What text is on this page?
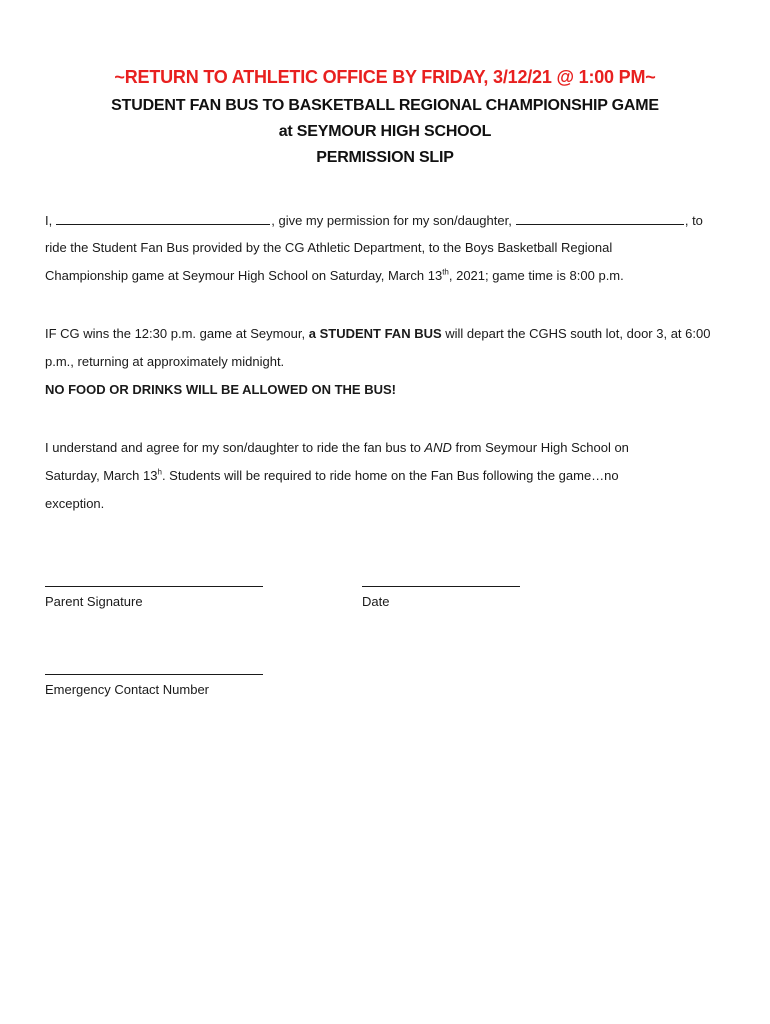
~RETURN TO ATHLETIC OFFICE BY FRIDAY, 3/12/21 @ 1:00 PM~
STUDENT FAN BUS TO BASKETBALL REGIONAL CHAMPIONSHIP GAME
at SEYMOUR HIGH SCHOOL
PERMISSION SLIP
I,	, give my permission for my son/daughter,	, to
ride the Student Fan Bus provided by the CG Athletic Department, to the Boys Basketball Regional
Championship game at Seymour High School on Saturday, March 13th, 2021; game time is 8:00 p.m.
IF CG wins the 12:30 p.m. game at Seymour, a STUDENT FAN BUS will depart the CGHS south lot, door 3, at 6:00
p.m., returning at approximately midnight.
NO FOOD OR DRINKS WILL BE ALLOWED ON THE BUS!
I understand and agree for my son/daughter to ride the fan bus to AND from Seymour High School on
Saturday, March 13$^h$. Students will be required to ride home on the Fan Bus following the game…no
exception.
Parent Signature	Date
Emergency Contact Number
